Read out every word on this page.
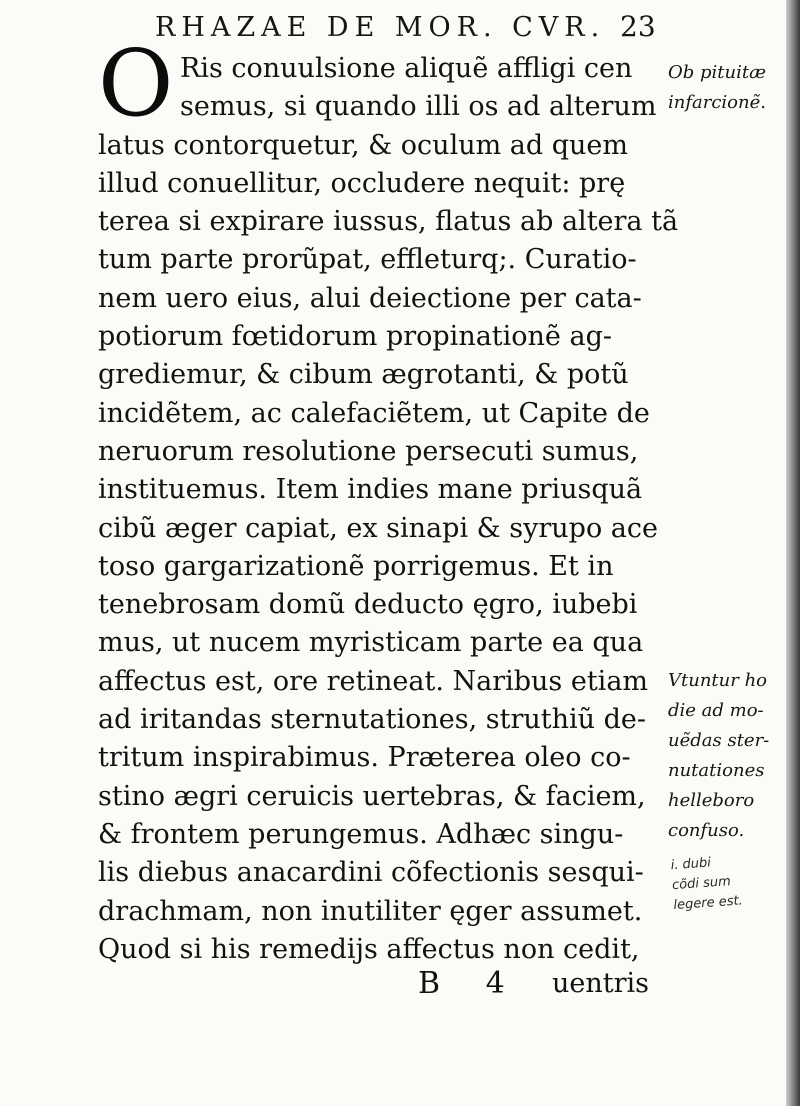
RHAZAE DE MOR. CVR. 23
O Ris conuulsione aliquẽ affligi cen
semus, si quando illi os ad alterum
latus contorquetur, & oculum ad quem
illud conuellitur, occludere nequit: prę
terea si expirare iussus, flatus ab altera tã
tum parte prorũpat, effleturq;. Curatio-
nem uero eius, alui deiectione per cata-
potiorum fœtidorum propinationẽ ag-
grediemur, & cibum ægrotanti, & potũ
incidẽtem, ac calefaciẽtem, ut Capite de
neruorum resolutione persecuti sumus,
instituemus. Item indies mane priusquã
cibũ æger capiat, ex sinapi & syrupo ace
toso gargarizationẽ porrigemus. Et in
tenebrosam domũ deducto ęgro, iubebi
mus, ut nucem myristicam parte ea qua
affectus est, ore retineat. Naribus etiam
ad iritandas sternutationes, struthiũ de-
tritum inspirabimus. Præterea oleo co-
stino ægri ceruicis uertebras, & faciem,
& frontem perungemus. Adhæc singu-
lis diebus anacardini cõfectionis sesqui-
drachmam, non inutiliter ęger assumet.
Quod si his remedijs affectus non cedit,
B 4 uentris
Ob pituitæ
infarcionẽ.
Vtuntur ho
die ad mo-
uẽdas ster-
nutationes
helleboro
confuso.
i. dubi
cõdi sum
legere est.
